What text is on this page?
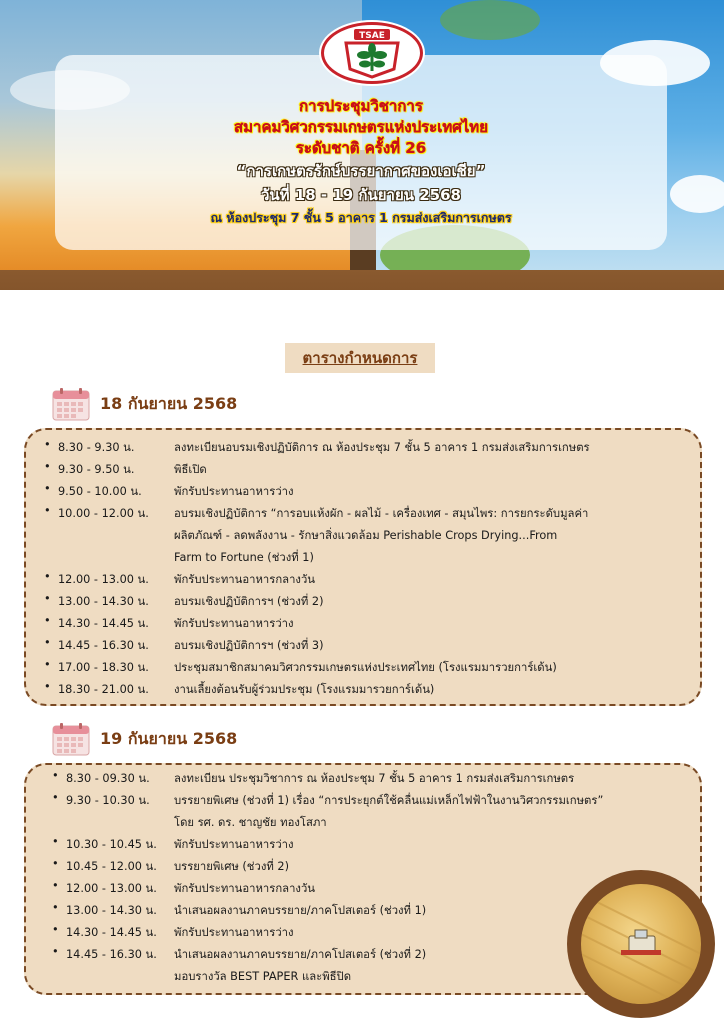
TSAE
การประชุมวิชาการ
สมาคมวิศวกรรมเกษตรแห่งประเทศไทย
ระดับชาติ ครั้งที่ 26
“การเกษตรรักษ์บรรยากาศของเอเชีย”
วันที่ 18 - 19 กันยายน 2568
ณ ห้องประชุม 7 ชั้น 5 อาคาร 1 กรมส่งเสริมการเกษตร
ตารางกำหนดการ
18 กันยายน 2568
• 8.30 - 9.30 น.	ลงทะเบียนอบรมเชิงปฏิบัติการ ณ ห้องประชุม 7 ชั้น 5 อาคาร 1 กรมส่งเสริมการเกษตร
• 9.30 - 9.50 น.	พิธีเปิด
• 9.50 - 10.00 น.	พักรับประทานอาหารว่าง
• 10.00 - 12.00 น. อบรมเชิงปฏิบัติการ “การอบแห้งผัก - ผลไม้ - เครื่องเทศ - สมุนไพร: การยกระดับมูลค่า
ผลิตภัณฑ์ - ลดพลังงาน - รักษาสิ่งแวดล้อม Perishable Crops Drying...From
Farm to Fortune (ช่วงที่ 1)
• 12.00 - 13.00 น. พักรับประทานอาหารกลางวัน
• 13.00 - 14.30 น. อบรมเชิงปฏิบัติการฯ (ช่วงที่ 2)
• 14.30 - 14.45 น. พักรับประทานอาหารว่าง
• 14.45 - 16.30 น. อบรมเชิงปฏิบัติการฯ (ช่วงที่ 3)
• 17.00 - 18.30 น. ประชุมสมาชิกสมาคมวิศวกรรมเกษตรแห่งประเทศไทย (โรงแรมมารวยการ์เด้น)
• 18.30 - 21.00 น. งานเลี้ยงต้อนรับผู้ร่วมประชุม (โรงแรมมารวยการ์เด้น)
19 กันยายน 2568
• 8.30 - 09.30 น. ลงทะเบียน ประชุมวิชาการ ณ ห้องประชุม 7 ชั้น 5 อาคาร 1 กรมส่งเสริมการเกษตร
• 9.30 - 10.30 น. บรรยายพิเศษ (ช่วงที่ 1) เรื่อง “การประยุกต์ใช้คลื่นแม่เหล็กไฟฟ้าในงานวิศวกรรมเกษตร”
โดย รศ. ดร. ชาญชัย ทองโสภา
• 10.30 - 10.45 น. พักรับประทานอาหารว่าง
• 10.45 - 12.00 น. บรรยายพิเศษ (ช่วงที่ 2)
• 12.00 - 13.00 น. พักรับประทานอาหารกลางวัน
• 13.00 - 14.30 น. นำเสนอผลงานภาคบรรยาย/ภาคโปสเตอร์ (ช่วงที่ 1)
• 14.30 - 14.45 น. พักรับประทานอาหารว่าง
• 14.45 - 16.30 น. นำเสนอผลงานภาคบรรยาย/ภาคโปสเตอร์ (ช่วงที่ 2)
มอบรางวัล BEST PAPER และพิธีปิด
